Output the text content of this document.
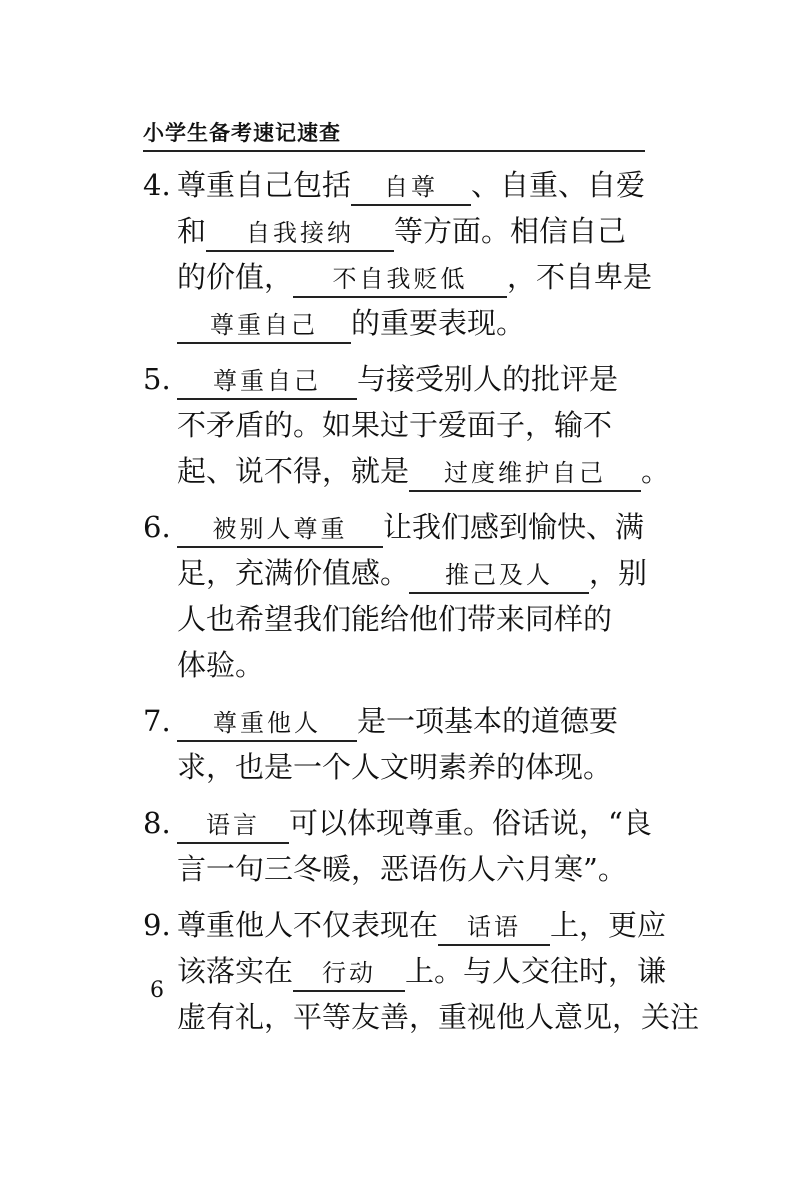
小学生备考速记速查
4. 尊重自己包括 自尊 、自重、自爱
和 自我接纳 等方面。相信自己
的价值， 不自我贬低 ，不自卑是
尊重自己 的重要表现。
5.	尊重自己 与接受别人的批评是
不矛盾的。如果过于爱面子，输不
起、说不得，就是 过度维护自己 。
6.	被别人尊重 让我们感到愉快、满
足，充满价值感。 推己及人 ，别
人也希望我们能给他们带来同样的
体验。
7.	尊重他人 是一项基本的道德要
求，也是一个人文明素养的体现。
8.	语言 可以体现尊重。俗话说，“良
言一句三冬暖，恶语伤人六月寒”。
9. 尊重他人不仅表现在 话语 上，更应
该落实在 行动 上。与人交往时，谦
虚有礼，平等友善，重视他人意见，关注
6
